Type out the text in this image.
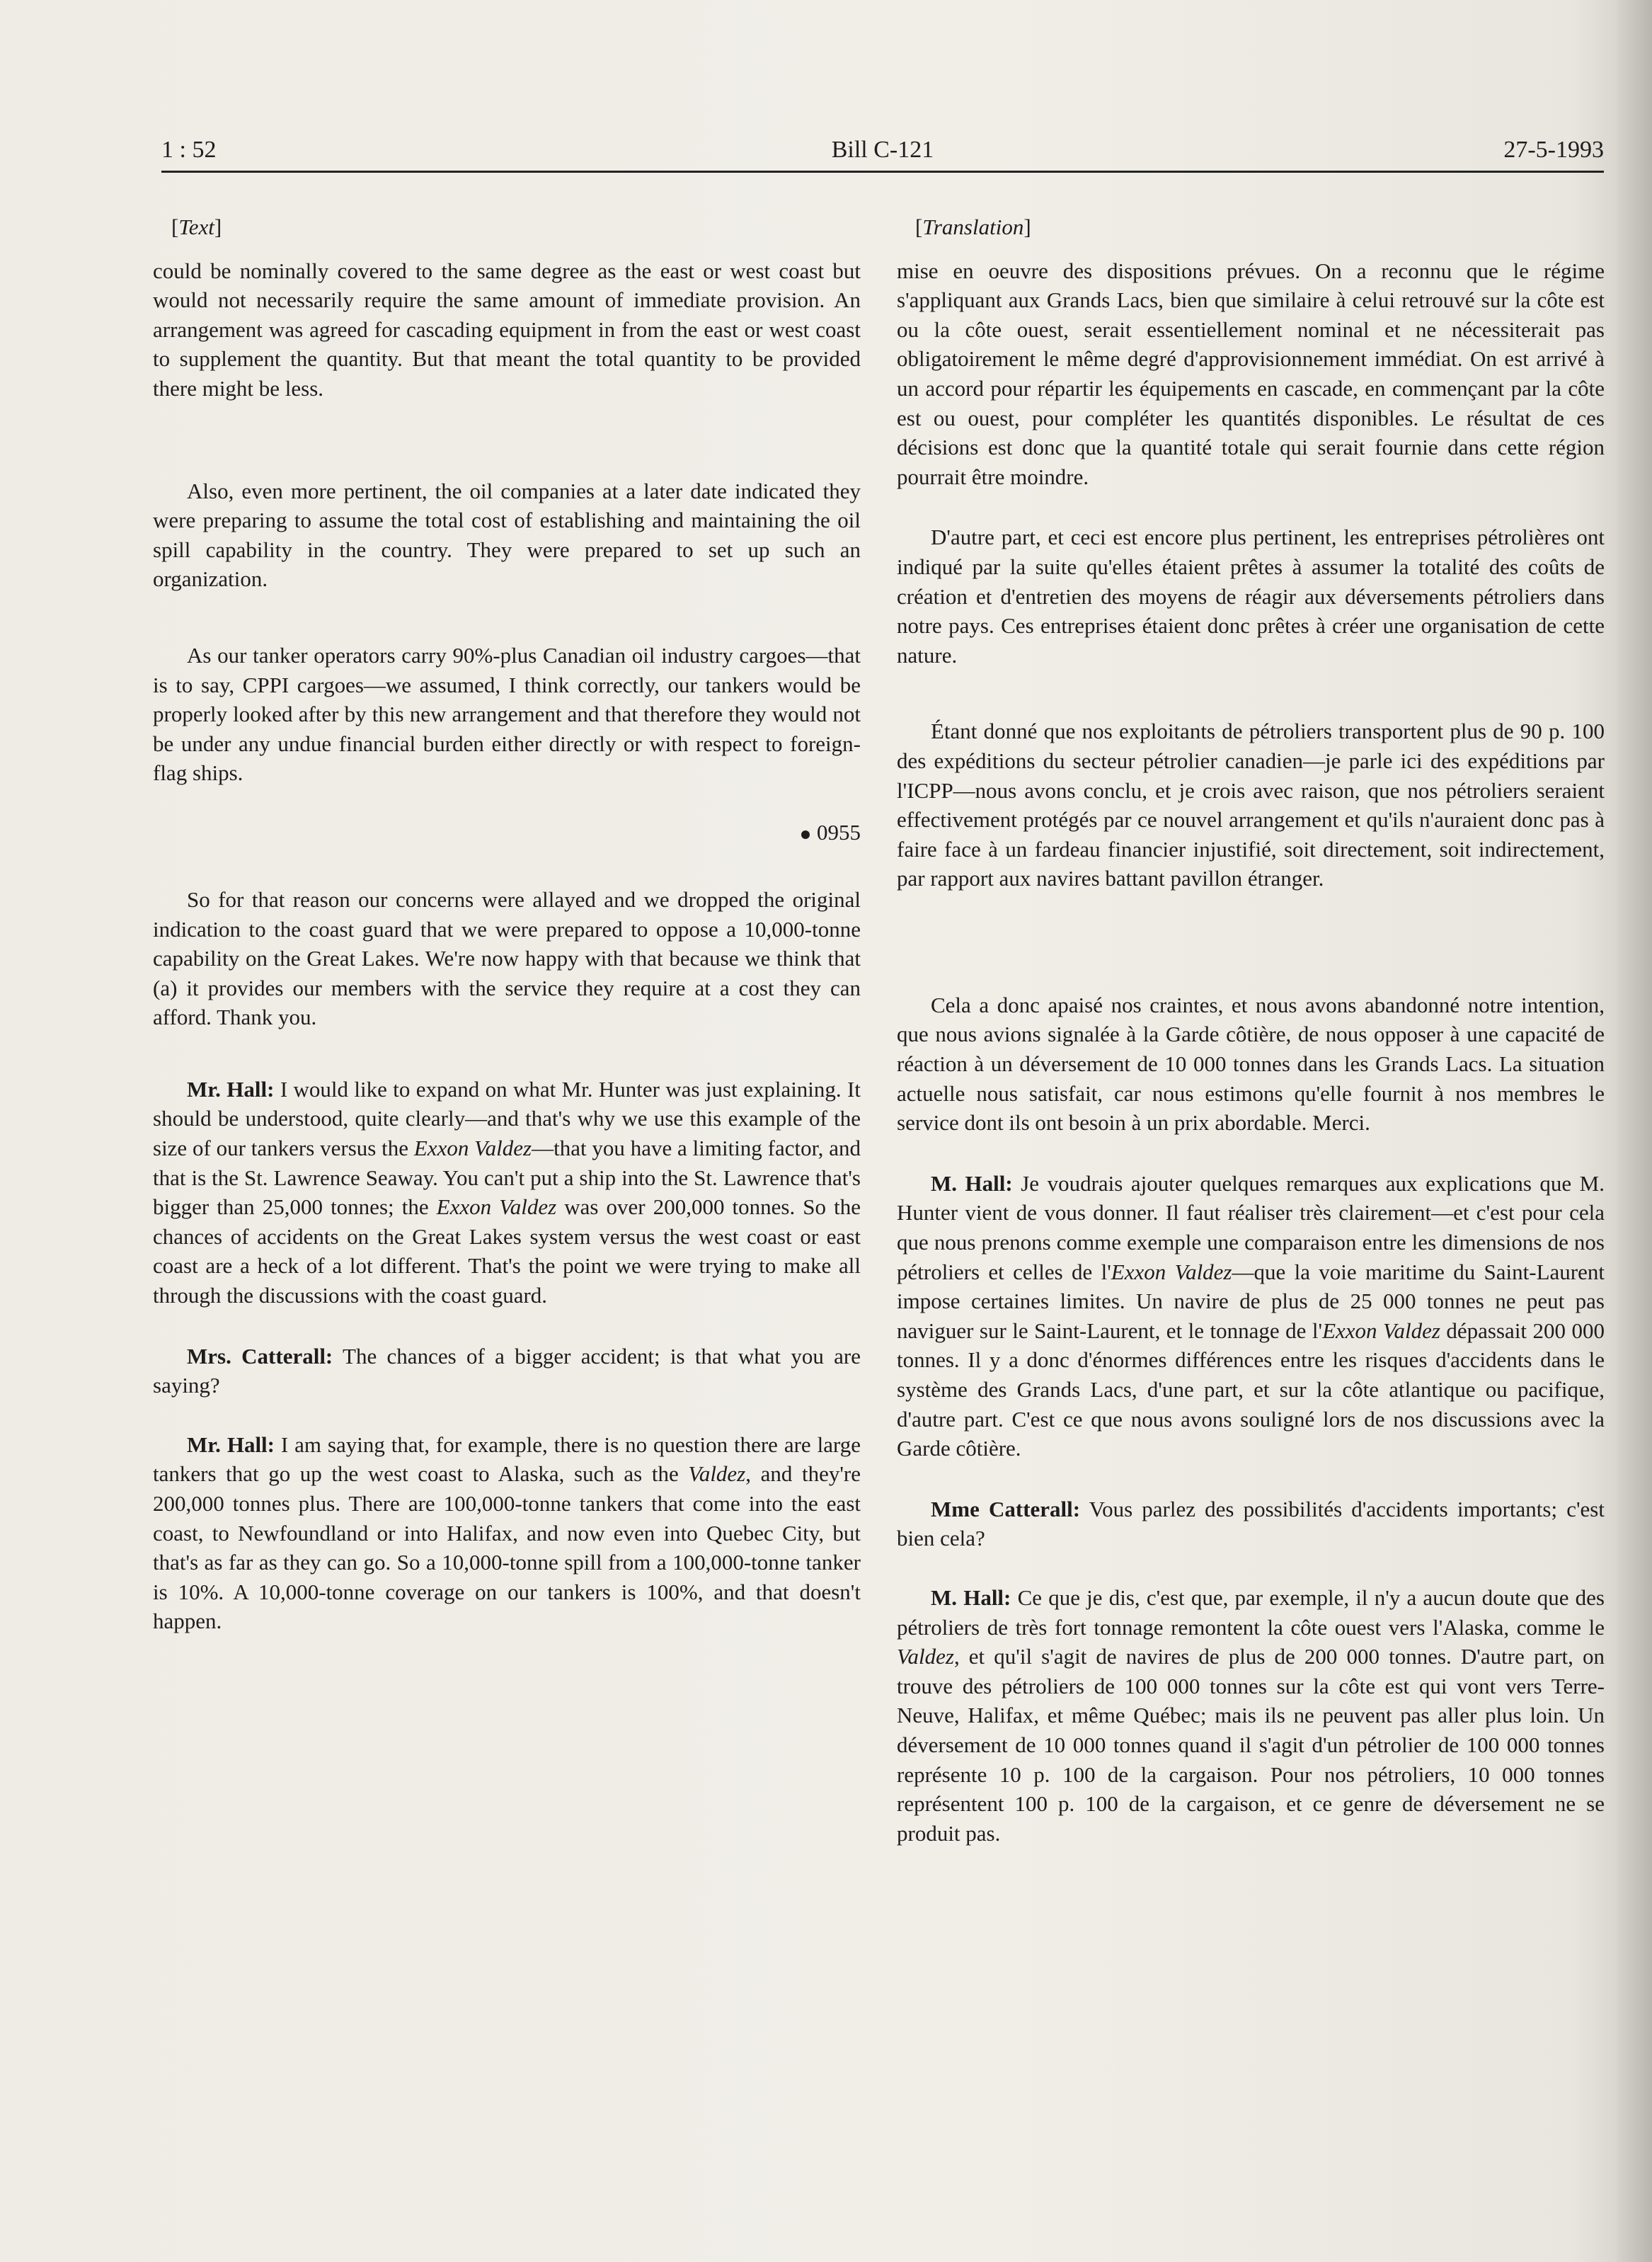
1 : 52	Bill C-121	27-5-1993
[Text]

could be nominally covered to the same degree as the east or west coast but would not necessarily require the same amount of immediate provision. An arrangement was agreed for cascading equipment in from the east or west coast to supplement the quantity. But that meant the total quantity to be provided there might be less.

Also, even more pertinent, the oil companies at a later date indicated they were preparing to assume the total cost of establishing and maintaining the oil spill capability in the country. They were prepared to set up such an organization.

As our tanker operators carry 90%-plus Canadian oil industry cargoes—that is to say, CPPI cargoes—we assumed, I think correctly, our tankers would be properly looked after by this new arrangement and that therefore they would not be under any undue financial burden either directly or with respect to foreign-flag ships.

0955

So for that reason our concerns were allayed and we dropped the original indication to the coast guard that we were prepared to oppose a 10,000-tonne capability on the Great Lakes. We're now happy with that because we think that (a) it provides our members with the service they require at a cost they can afford. Thank you.

Mr. Hall: I would like to expand on what Mr. Hunter was just explaining. It should be understood, quite clearly—and that's why we use this example of the size of our tankers versus the Exxon Valdez—that you have a limiting factor, and that is the St. Lawrence Seaway. You can't put a ship into the St. Lawrence that's bigger than 25,000 tonnes; the Exxon Valdez was over 200,000 tonnes. So the chances of accidents on the Great Lakes system versus the west coast or east coast are a heck of a lot different. That's the point we were trying to make all through the discussions with the coast guard.

Mrs. Catterall: The chances of a bigger accident; is that what you are saying?

Mr. Hall: I am saying that, for example, there is no question there are large tankers that go up the west coast to Alaska, such as the Valdez, and they're 200,000 tonnes plus. There are 100,000-tonne tankers that come into the east coast, to Newfoundland or into Halifax, and now even into Quebec City, but that's as far as they can go. So a 10,000-tonne spill from a 100,000-tonne tanker is 10%. A 10,000-tonne coverage on our tankers is 100%, and that doesn't happen.

[Translation]

mise en oeuvre des dispositions prévues. On a reconnu que le régime s'appliquant aux Grands Lacs, bien que similaire à celui retrouvé sur la côte est ou la côte ouest, serait essentiellement nominal et ne nécessiterait pas obligatoirement le même degré d'approvisionnement immédiat. On est arrivé à un accord pour répartir les équipements en cascade, en commençant par la côte est ou ouest, pour compléter les quantités disponibles. Le résultat de ces décisions est donc que la quantité totale qui serait fournie dans cette région pourrait être moindre.

D'autre part, et ceci est encore plus pertinent, les entreprises pétrolières ont indiqué par la suite qu'elles étaient prêtes à assumer la totalité des coûts de création et d'entretien des moyens de réagir aux déversements pétroliers dans notre pays. Ces entreprises étaient donc prêtes à créer une organisation de cette nature.

Étant donné que nos exploitants de pétroliers transportent plus de 90 p. 100 des expéditions du secteur pétrolier canadien—je parle ici des expéditions par l'ICPP—nous avons conclu, et je crois avec raison, que nos pétroliers seraient effectivement protégés par ce nouvel arrangement et qu'ils n'auraient donc pas à faire face à un fardeau financier injustifié, soit directement, soit indirectement, par rapport aux navires battant pavillon étranger.

Cela a donc apaisé nos craintes, et nous avons abandonné notre intention, que nous avions signalée à la Garde côtière, de nous opposer à une capacité de réaction à un déversement de 10 000 tonnes dans les Grands Lacs. La situation actuelle nous satisfait, car nous estimons qu'elle fournit à nos membres le service dont ils ont besoin à un prix abordable. Merci.

M. Hall: Je voudrais ajouter quelques remarques aux explications que M. Hunter vient de vous donner. Il faut réaliser très clairement—et c'est pour cela que nous prenons comme exemple une comparaison entre les dimensions de nos pétroliers et celles de l'Exxon Valdez—que la voie maritime du Saint-Laurent impose certaines limites. Un navire de plus de 25 000 tonnes ne peut pas naviguer sur le Saint-Laurent, et le tonnage de l'Exxon Valdez dépassait 200 000 tonnes. Il y a donc d'énormes différences entre les risques d'accidents dans le système des Grands Lacs, d'une part, et sur la côte atlantique ou pacifique, d'autre part. C'est ce que nous avons souligné lors de nos discussions avec la Garde côtière.

Mme Catterall: Vous parlez des possibilités d'accidents importants; c'est bien cela?

M. Hall: Ce que je dis, c'est que, par exemple, il n'y a aucun doute que des pétroliers de très fort tonnage remontent la côte ouest vers l'Alaska, comme le Valdez, et qu'il s'agit de navires de plus de 200 000 tonnes. D'autre part, on trouve des pétroliers de 100 000 tonnes sur la côte est qui vont vers Terre-Neuve, Halifax, et même Québec; mais ils ne peuvent pas aller plus loin. Un déversement de 10 000 tonnes quand il s'agit d'un pétrolier de 100 000 tonnes représente 10 p. 100 de la cargaison. Pour nos pétroliers, 10 000 tonnes représentent 100 p. 100 de la cargaison, et ce genre de déversement ne se produit pas.
